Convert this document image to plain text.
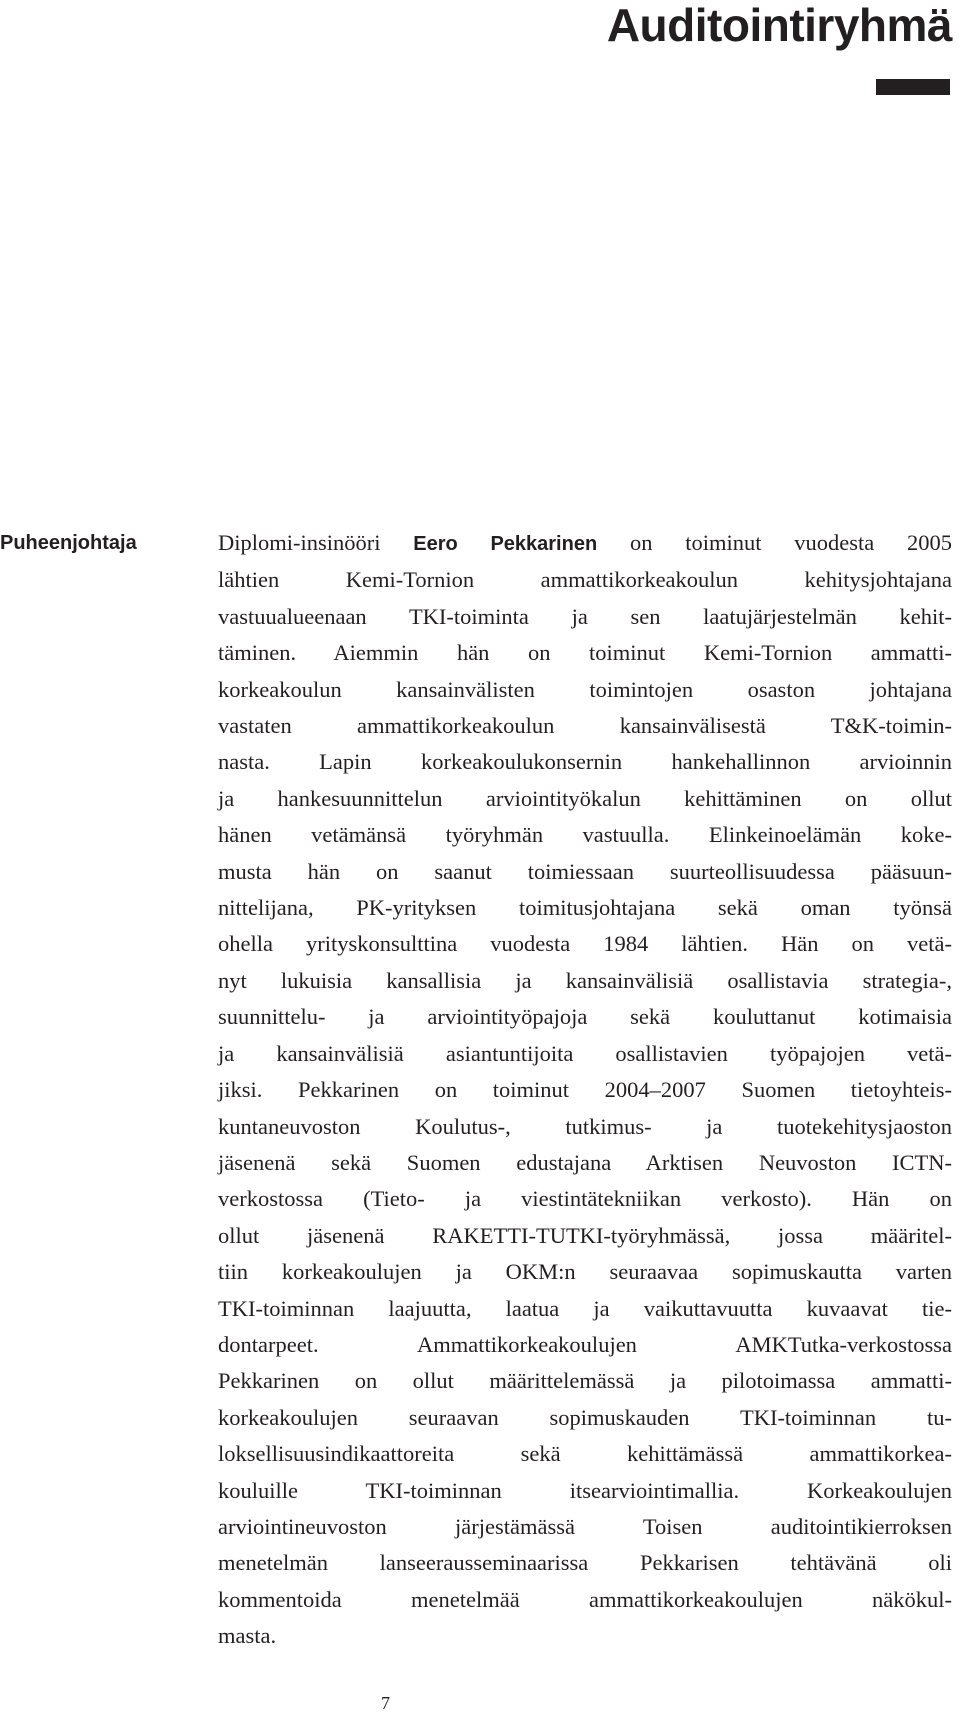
Auditointiryhmä
Puheenjohtaja	Diplomi-insinööri Eero Pekkarinen on toiminut vuodesta 2005
lähtien Kemi-Tornion ammattikorkeakoulun kehitysjohtajana
vastuualueenaan TKI-toiminta ja sen laatujärjestelmän kehit-
täminen. Aiemmin hän on toiminut Kemi-Tornion ammatti-
korkeakoulun kansainvälisten toimintojen osaston johtajana
vastaten ammattikorkeakoulun kansainvälisestä T&K-toimin-
nasta. Lapin korkeakoulukonsernin hankehallinnon arvioinnin
ja hankesuunnittelun arviointityökalun kehittäminen on ollut
hänen vetämänsä työryhmän vastuulla. Elinkeinoelämän koke-
musta hän on saanut toimiessaan suurteollisuudessa pääsuun-
nittelijana, PK-yrityksen toimitusjohtajana sekä oman työnsä
ohella yrityskonsulttina vuodesta 1984 lähtien. Hän on vetä-
nyt lukuisia kansallisia ja kansainvälisiä osallistavia strategia-,
suunnittelu- ja arviointityöpajoja sekä kouluttanut kotimaisia
ja kansainvälisiä asiantuntijoita osallistavien työpajojen vetä-
jiksi. Pekkarinen on toiminut 2004–2007 Suomen tietoyhteis-
kuntaneuvoston Koulutus-, tutkimus- ja tuotekehitysjaoston
jäsenenä sekä Suomen edustajana Arktisen Neuvoston ICTN-
verkostossa (Tieto- ja viestintätekniikan verkosto). Hän on
ollut jäsenenä RAKETTI-TUTKI-työryhmässä, jossa määritel-
tiin korkeakoulujen ja OKM:n seuraavaa sopimuskautta varten
TKI-toiminnan laajuutta, laatua ja vaikuttavuutta kuvaavat tie-
dontarpeet. Ammattikorkeakoulujen AMKTutka-verkostossa
Pekkarinen on ollut määrittelemässä ja pilotoimassa ammatti-
korkeakoulujen seuraavan sopimuskauden TKI-toiminnan tu-
loksellisuusindikaattoreita sekä kehittämässä ammattikorkea-
kouluille TKI-toiminnan itsearviointimallia. Korkeakoulujen
arviointineuvoston järjestämässä Toisen auditointikierroksen
menetelmän lanseerausseminaarissa Pekkarisen tehtävänä oli
kommentoida menetelmää ammattikorkeakoulujen näkökul-
masta.
7
